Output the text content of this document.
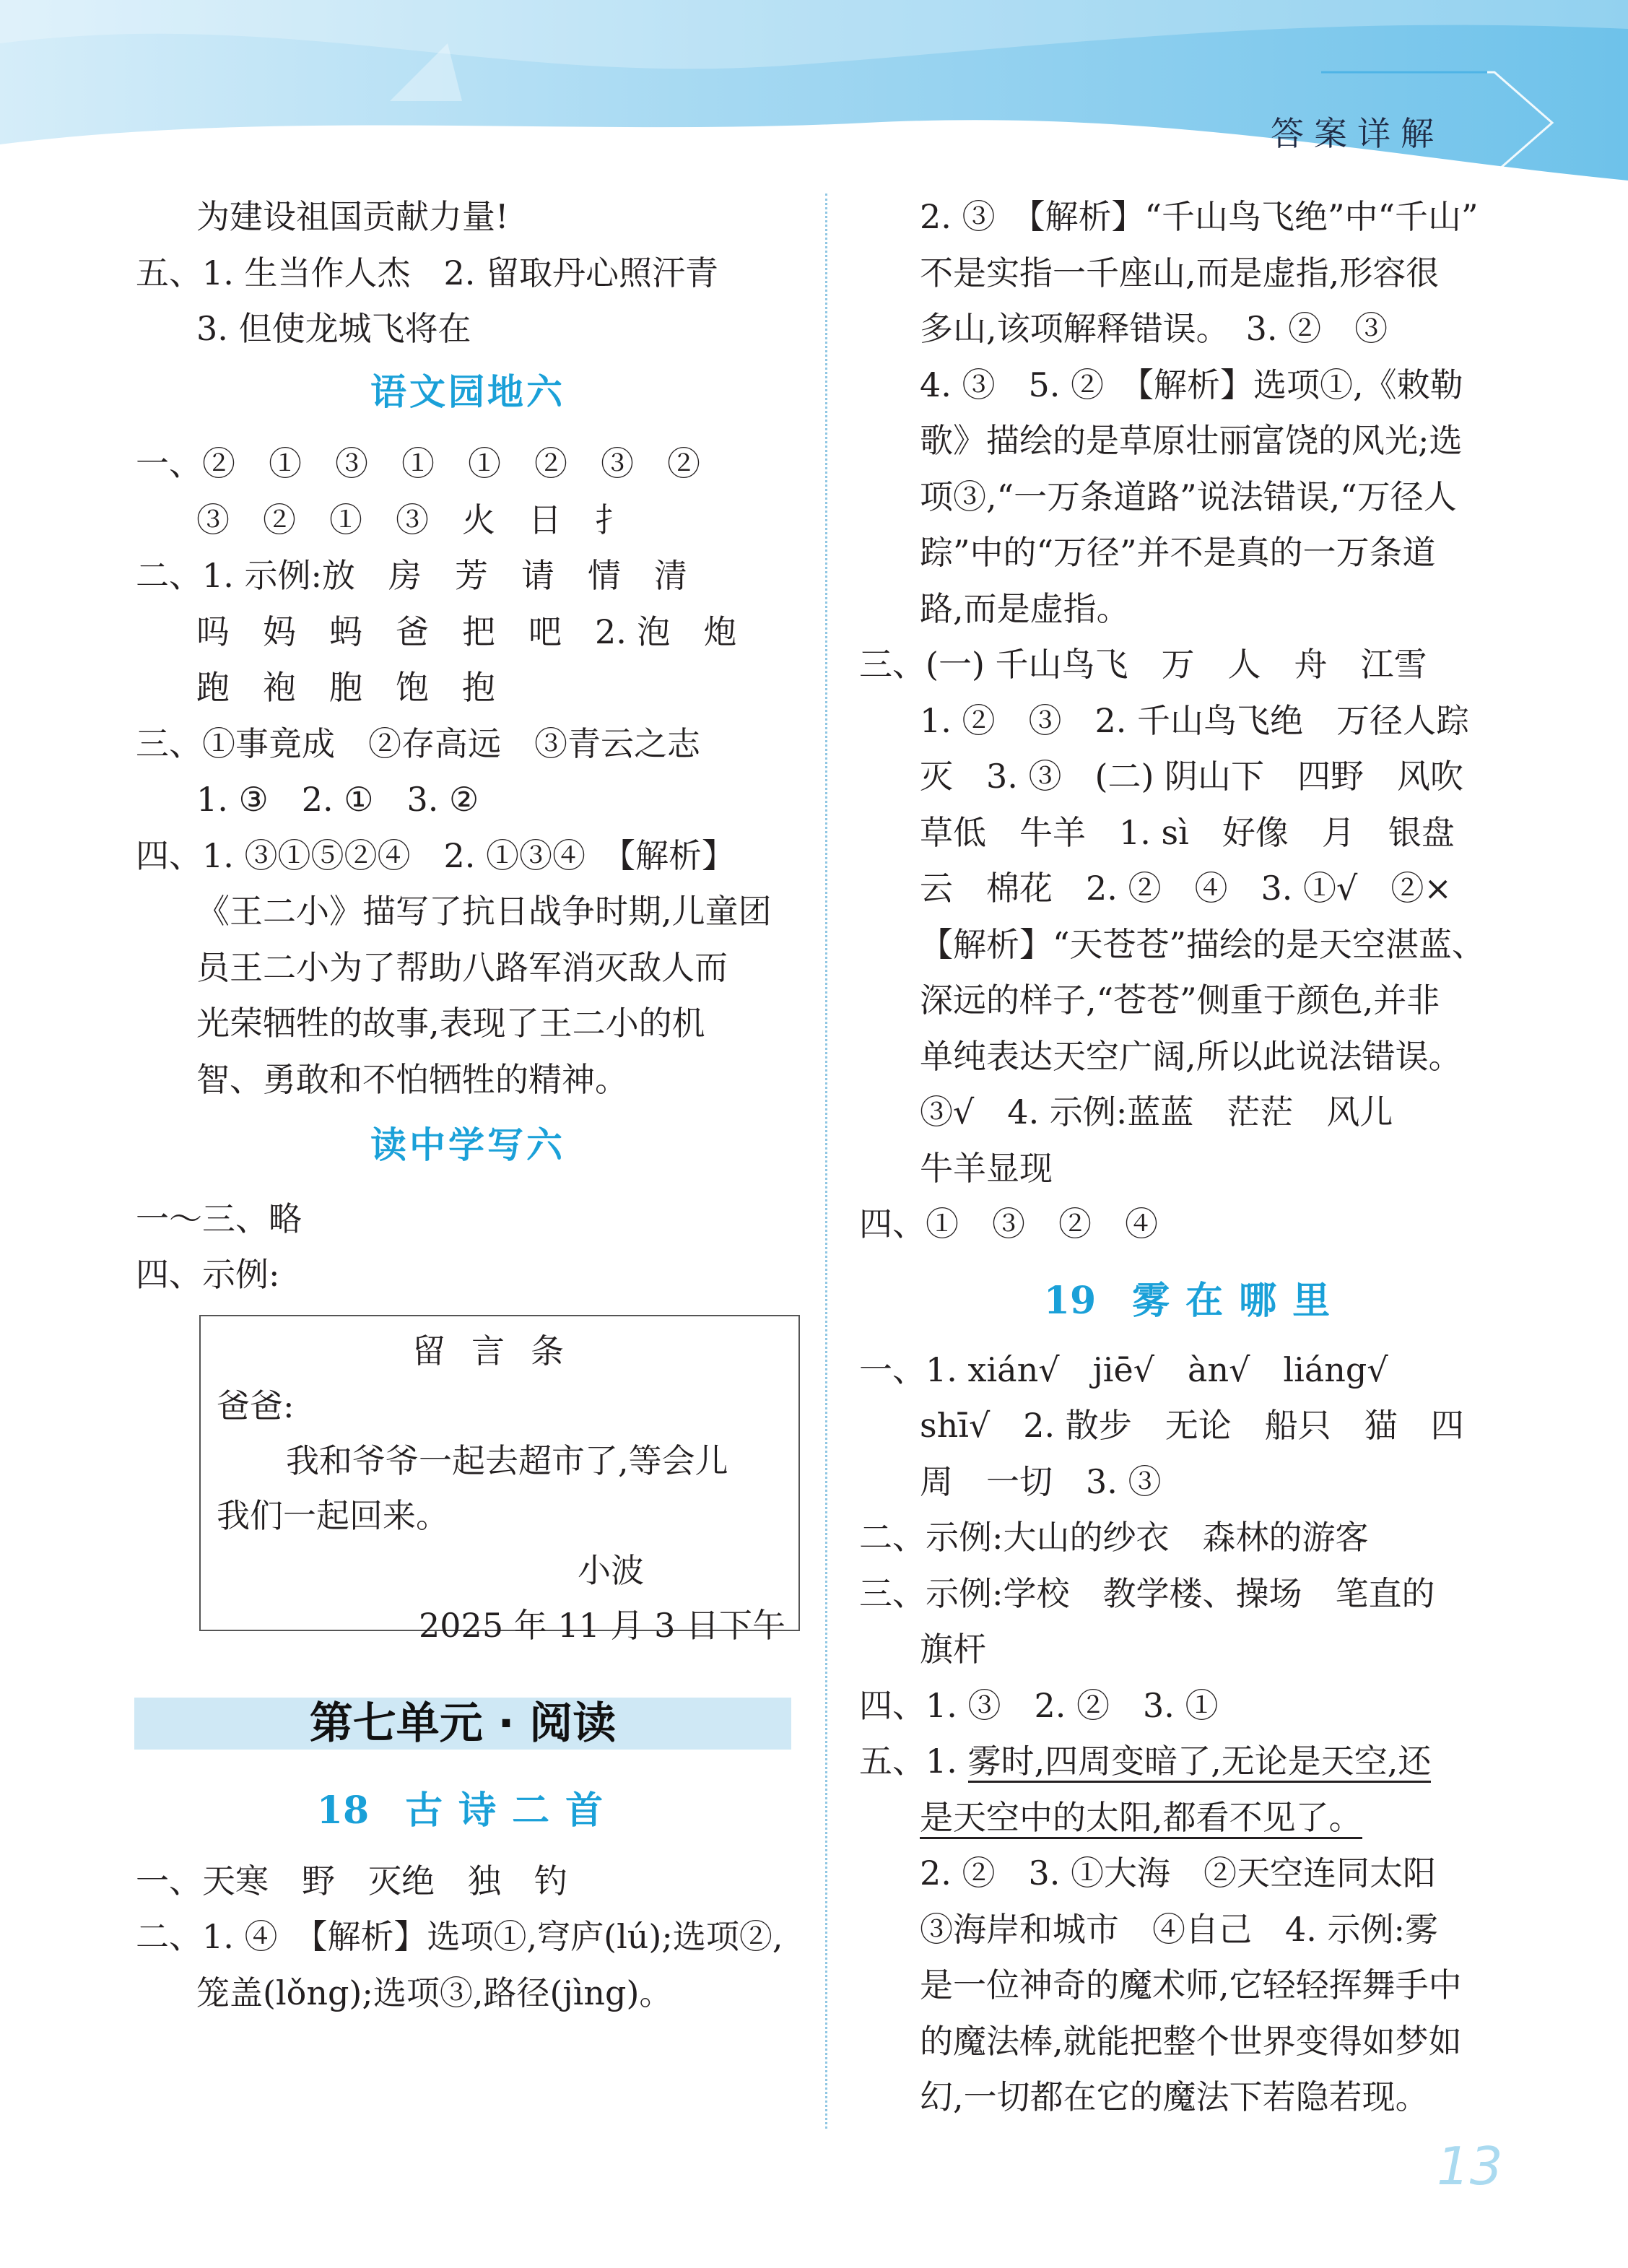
答案详解
为建设祖国贡献力量!
五、1. 生当作人杰　2. 留取丹心照汗青
3. 但使龙城飞将在
语文园地六
一、②　①　③　①　①　②　③　②
③　②　①　③　火　日　扌
二、1. 示例:放　房　芳　请　情　清
吗　妈　蚂　爸　把　吧　2. 泡　炮
跑　袍　胞　饱　抱
三、①事竟成　②存高远　③青云之志
1. ③　2. ①　3. ②
四、1. ③①⑤②④　2. ①③④　【解析】
《王二小》描写了抗日战争时期,儿童团
员王二小为了帮助八路军消灭敌人而
光荣牺牲的故事,表现了王二小的机
智、勇敢和不怕牺牲的精神。
读中学写六
一～三、略
四、示例:
留言条
爸爸:
我和爷爷一起去超市了,等会儿
我们一起回来。
小波
2025 年 11 月 3 日下午
第七单元 · 阅读
18 古诗二首
一、天寒　野　灭绝　独　钓
二、1. ④　【解析】选项①,穹庐(lú);选项②,
笼盖(lǒng);选项③,路径(jìng)。
2. ③　【解析】“千山鸟飞绝”中“千山”
不是实指一千座山,而是虚指,形容很
多山,该项解释错误。　3. ②　③
4. ③　5. ②　【解析】选项①,《敕勒
歌》描绘的是草原壮丽富饶的风光;选
项③,“一万条道路”说法错误,“万径人
踪”中的“万径”并不是真的一万条道
路,而是虚指。
三、(一) 千山鸟飞　万　人　舟　江雪
1. ②　③　2. 千山鸟飞绝　万径人踪
灭　3. ③　(二) 阴山下　四野　风吹
草低　牛羊　1. sì　好像　月　银盘
云　棉花　2. ②　④　3. ①√　②×
【解析】“天苍苍”描绘的是天空湛蓝、
深远的样子,“苍苍”侧重于颜色,并非
单纯表达天空广阔,所以此说法错误。
③√　4. 示例:蓝蓝　茫茫　风儿
牛羊显现
四、①　③　②　④
19 雾在哪里
一、1. xián√　jiē√　àn√　liáng√
shī√　2. 散步　无论　船只　猫　四
周　一切　3. ③
二、示例:大山的纱衣　森林的游客
三、示例:学校　教学楼、操场　笔直的
旗杆
四、1. ③　2. ②　3. ①
五、1. 雾时,四周变暗了,无论是天空,还
是天空中的太阳,都看不见了。
2. ②　3. ①大海　②天空连同太阳
③海岸和城市　④自己　4. 示例:雾
是一位神奇的魔术师,它轻轻挥舞手中
的魔法棒,就能把整个世界变得如梦如
幻,一切都在它的魔法下若隐若现。
13
